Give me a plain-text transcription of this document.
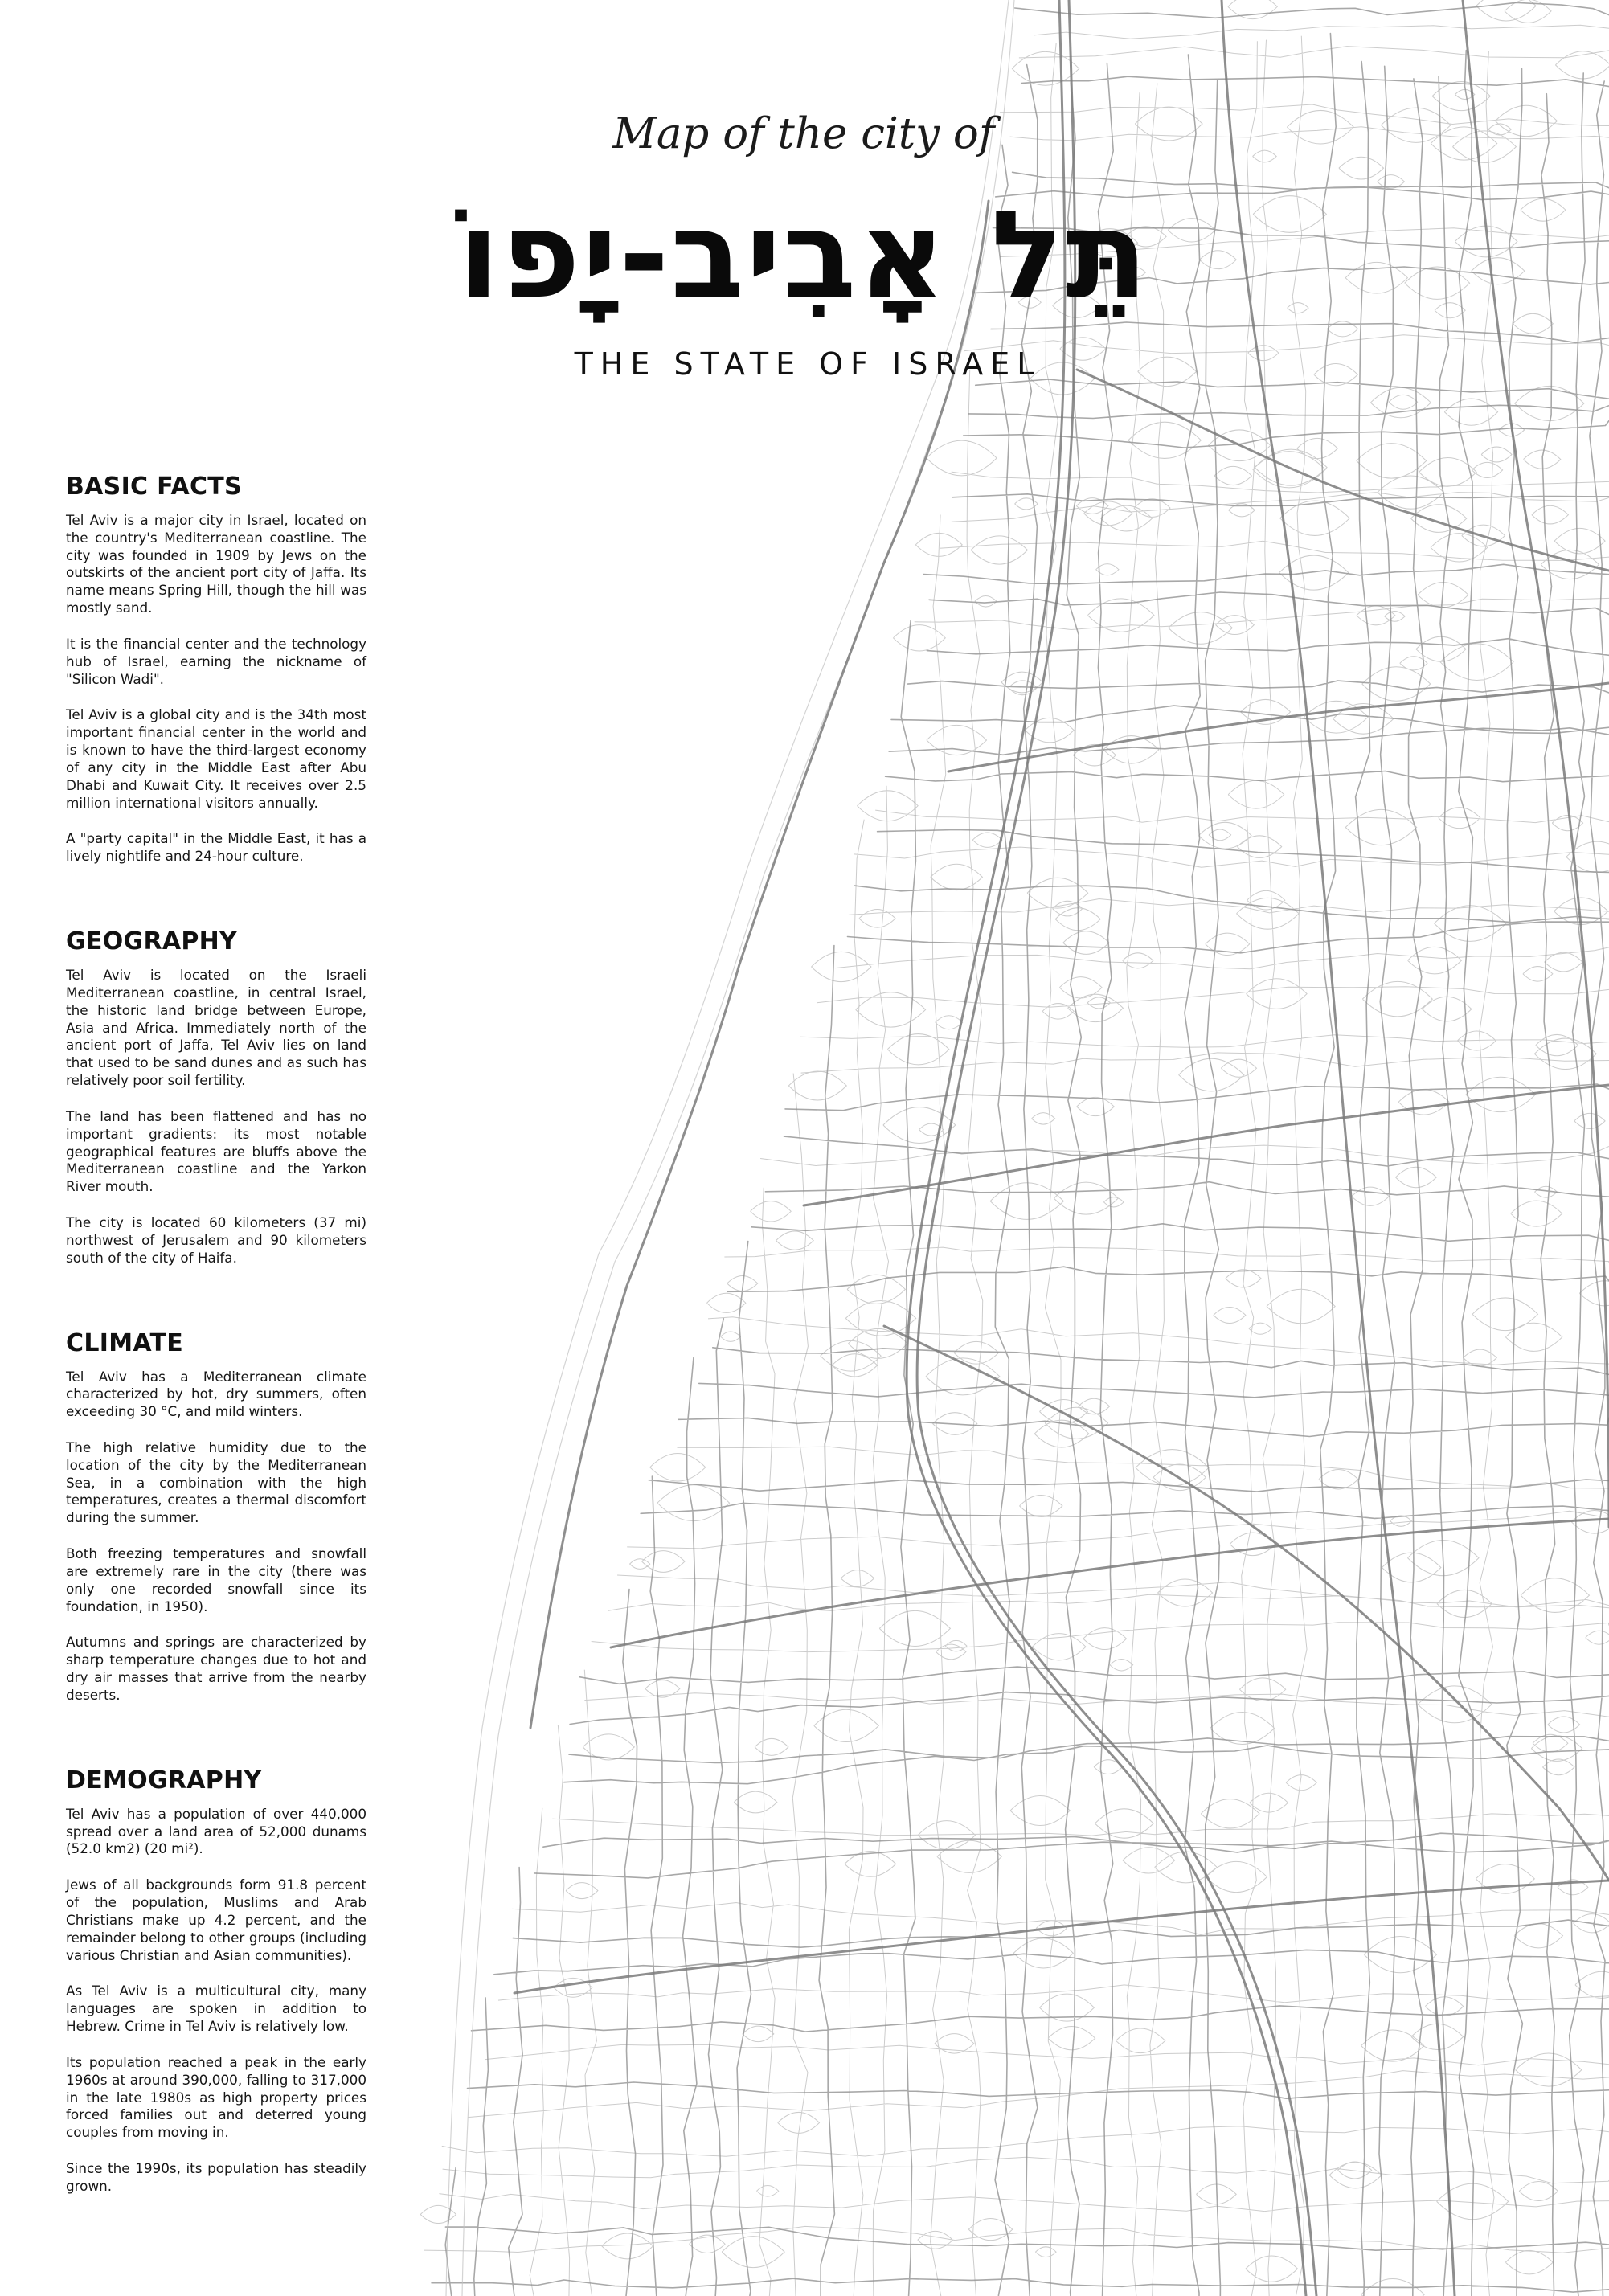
Map of the city of
תֵּל אָבִיב-יָפוֹ
THE STATE OF ISRAEL
BASIC FACTS

Tel Aviv is a major city in Israel, located on the country's Mediterranean coastline. The city was founded in 1909 by Jews on the outskirts of the ancient port city of Jaffa. Its name means Spring Hill, though the hill was mostly sand.

It is the financial center and the technology hub of Israel, earning the nickname of "Silicon Wadi".

Tel Aviv is a global city and is the 34th most important financial center in the world and is known to have the third-largest economy of any city in the Middle East after Abu Dhabi and Kuwait City. It receives over 2.5 million international visitors annually.

A "party capital" in the Middle East, it has a lively nightlife and 24-hour culture.

GEOGRAPHY

Tel Aviv is located on the Israeli Mediterranean coastline, in central Israel, the historic land bridge between Europe, Asia and Africa. Immediately north of the ancient port of Jaffa, Tel Aviv lies on land that used to be sand dunes and as such has relatively poor soil fertility.

The land has been flattened and has no important gradients: its most notable geographical features are bluffs above the Mediterranean coastline and the Yarkon River mouth.

The city is located 60 kilometers (37 mi) northwest of Jerusalem and 90 kilometers south of the city of Haifa.

CLIMATE

Tel Aviv has a Mediterranean climate characterized by hot, dry summers, often exceeding 30 °C, and mild winters.

The high relative humidity due to the location of the city by the Mediterranean Sea, in a combination with the high temperatures, creates a thermal discomfort during the summer.

Both freezing temperatures and snowfall are extremely rare in the city (there was only one recorded snowfall since its foundation, in 1950).

Autumns and springs are characterized by sharp temperature changes due to hot and dry air masses that arrive from the nearby deserts.

DEMOGRAPHY

Tel Aviv has a population of over 440,000 spread over a land area of 52,000 dunams (52.0 km2) (20 mi²).

Jews of all backgrounds form 91.8 percent of the population, Muslims and Arab Christians make up 4.2 percent, and the remainder belong to other groups (including various Christian and Asian communities).

As Tel Aviv is a multicultural city, many languages are spoken in addition to Hebrew. Crime in Tel Aviv is relatively low.

Its population reached a peak in the early 1960s at around 390,000, falling to 317,000 in the late 1980s as high property prices forced families out and deterred young couples from moving in.

Since the 1990s, its population has steadily grown.
